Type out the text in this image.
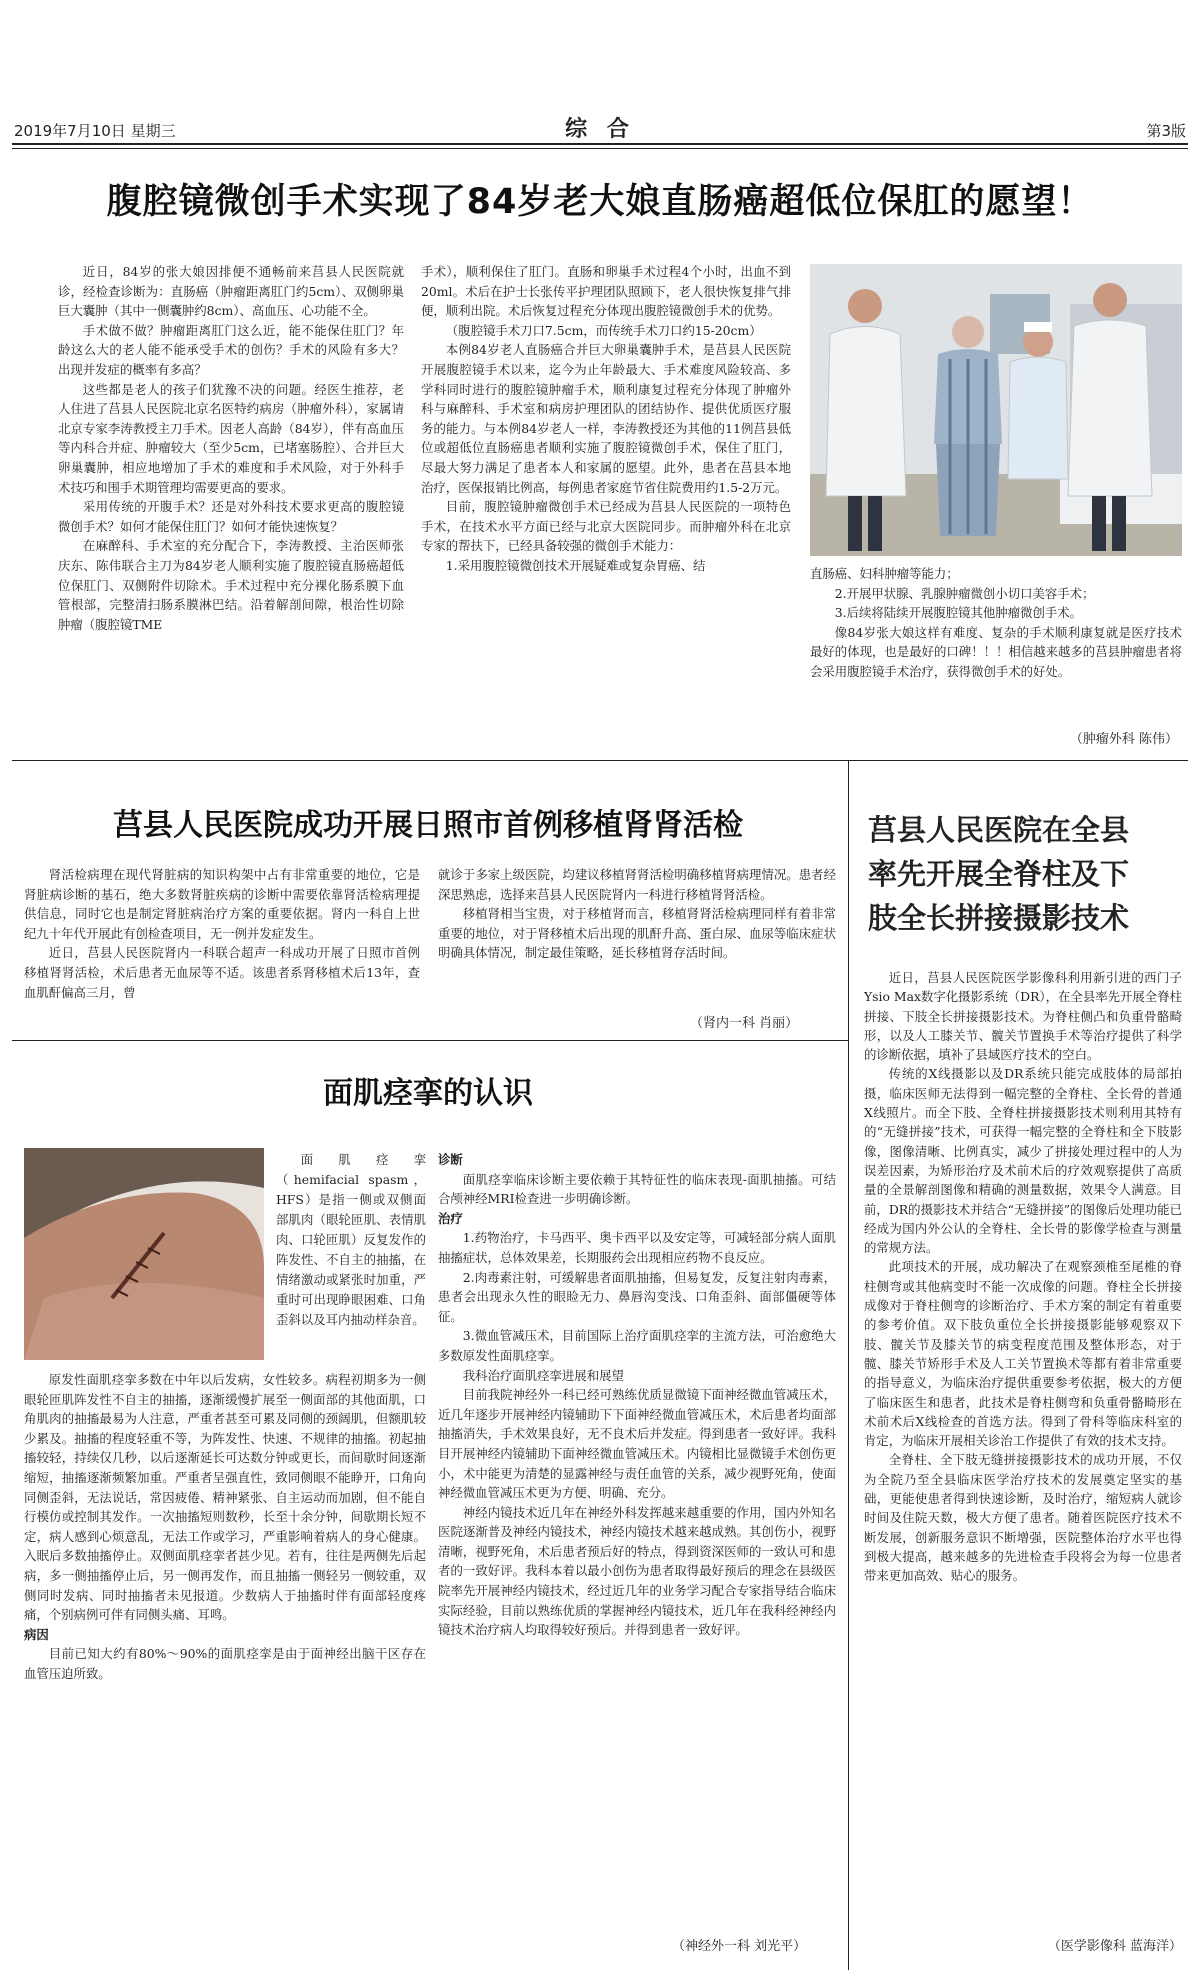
2019年7月10日 星期三	综 合	第3版
腹腔镜微创手术实现了84岁老大娘直肠癌超低位保肛的愿望！

近日，84岁的张大娘因排便不通畅前来莒县人民医院就诊，经检查诊断为：直肠癌（肿瘤距离肛门约5cm）、双侧卵巢巨大囊肿（其中一侧囊肿约8cm）、高血压、心功能不全。

手术做不做？肿瘤距离肛门这么近，能不能保住肛门？年龄这么大的老人能不能承受手术的创伤？手术的风险有多大？出现并发症的概率有多高？

这些都是老人的孩子们犹豫不决的问题。经医生推荐，老人住进了莒县人民医院北京名医特约病房（肿瘤外科），家属请北京专家李涛教授主刀手术。因老人高龄（84岁），伴有高血压等内科合并症、肿瘤较大（至少5cm，已堵塞肠腔）、合并巨大卵巢囊肿，相应地增加了手术的难度和手术风险，对于外科手术技巧和围手术期管理均需要更高的要求。

采用传统的开腹手术？还是对外科技术要求更高的腹腔镜微创手术？如何才能保住肛门？如何才能快速恢复？

在麻醉科、手术室的充分配合下，李涛教授、主治医师张庆东、陈伟联合主刀为84岁老人顺利实施了腹腔镜直肠癌超低位保肛门、双侧附件切除术。手术过程中充分裸化肠系膜下血管根部，完整清扫肠系膜淋巴结。沿着解剖间隙，根治性切除肿瘤（腹腔镜TME

手术），顺利保住了肛门。直肠和卵巢手术过程4个小时，出血不到20ml。术后在护士长张传平护理团队照顾下，老人很快恢复排气排便，顺利出院。术后恢复过程充分体现出腹腔镜微创手术的优势。

（腹腔镜手术刀口7.5cm，而传统手术刀口约15-20cm）

本例84岁老人直肠癌合并巨大卵巢囊肿手术，是莒县人民医院开展腹腔镜手术以来，迄今为止年龄最大、手术难度风险较高、多学科同时进行的腹腔镜肿瘤手术，顺利康复过程充分体现了肿瘤外科与麻醉科、手术室和病房护理团队的团结协作、提供优质医疗服务的能力。与本例84岁老人一样，李涛教授还为其他的11例莒县低位或超低位直肠癌患者顺利实施了腹腔镜微创手术，保住了肛门，尽最大努力满足了患者本人和家属的愿望。此外，患者在莒县本地治疗，医保报销比例高，每例患者家庭节省住院费用约1.5-2万元。

目前，腹腔镜肿瘤微创手术已经成为莒县人民医院的一项特色手术，在技术水平方面已经与北京大医院同步。而肿瘤外科在北京专家的帮扶下，已经具备较强的微创手术能力：

1.采用腹腔镜微创技术开展疑难或复杂胃癌、结

直肠癌、妇科肿瘤等能力；

2.开展甲状腺、乳腺肿瘤微创小切口美容手术；

3.后续将陆续开展腹腔镜其他肿瘤微创手术。

像84岁张大娘这样有难度、复杂的手术顺利康复就是医疗技术最好的体现，也是最好的口碑！！！相信越来越多的莒县肿瘤患者将会采用腹腔镜手术治疗，获得微创手术的好处。

（肿瘤外科 陈伟）
莒县人民医院成功开展日照市首例移植肾肾活检

肾活检病理在现代肾脏病的知识构架中占有非常重要的地位，它是肾脏病诊断的基石，绝大多数肾脏疾病的诊断中需要依靠肾活检病理提供信息，同时它也是制定肾脏病治疗方案的重要依据。肾内一科自上世纪九十年代开展此有创检查项目，无一例并发症发生。

近日，莒县人民医院肾内一科联合超声一科成功开展了日照市首例移植肾肾活检，术后患者无血尿等不适。该患者系肾移植术后13年，查血肌酐偏高三月，曾

就诊于多家上级医院，均建议移植肾肾活检明确移植肾病理情况。患者经深思熟虑，选择来莒县人民医院肾内一科进行移植肾肾活检。

移植肾相当宝贵，对于移植肾而言，移植肾肾活检病理同样有着非常重要的地位，对于肾移植术后出现的肌酐升高、蛋白尿、血尿等临床症状明确具体情况，制定最佳策略，延长移植肾存活时间。

（肾内一科 肖丽）
面肌痉挛的认识

面肌痉挛（hemifacial spasm，HFS）是指一侧或双侧面部肌肉（眼轮匝肌、表情肌肉、口轮匝肌）反复发作的阵发性、不自主的抽搐，在情绪激动或紧张时加重，严重时可出现睁眼困难、口角歪斜以及耳内抽动样杂音。

原发性面肌痉挛多数在中年以后发病，女性较多。病程初期多为一侧眼轮匝肌阵发性不自主的抽搐，逐渐缓慢扩展至一侧面部的其他面肌，口角肌肉的抽搐最易为人注意，严重者甚至可累及同侧的颈阔肌，但额肌较少累及。抽搐的程度轻重不等，为阵发性、快速、不规律的抽搐。初起抽搐较轻，持续仅几秒，以后逐渐延长可达数分钟或更长，而间歇时间逐渐缩短，抽搐逐渐频繁加重。严重者呈强直性，致同侧眼不能睁开，口角向同侧歪斜，无法说话，常因疲倦、精神紧张、自主运动而加剧，但不能自行模仿或控制其发作。一次抽搐短则数秒，长至十余分钟，间歇期长短不定，病人感到心烦意乱，无法工作或学习，严重影响着病人的身心健康。入眠后多数抽搐停止。双侧面肌痉挛者甚少见。若有，往往是两侧先后起病，多一侧抽搐停止后，另一侧再发作，而且抽搐一侧轻另一侧较重，双侧同时发病、同时抽搐者未见报道。少数病人于抽搐时伴有面部轻度疼痛，个别病例可伴有同侧头痛、耳鸣。

病因

目前已知大约有80%～90%的面肌痉挛是由于面神经出脑干区存在血管压迫所致。

诊断

面肌痉挛临床诊断主要依赖于其特征性的临床表现-面肌抽搐。可结合颅神经MRI检查进一步明确诊断。

治疗

1.药物治疗，卡马西平、奥卡西平以及安定等，可减轻部分病人面肌抽搐症状，总体效果差，长期服药会出现相应药物不良反应。

2.肉毒素注射，可缓解患者面肌抽搐，但易复发，反复注射肉毒素，患者会出现永久性的眼睑无力、鼻唇沟变浅、口角歪斜、面部僵硬等体征。

3.微血管减压术，目前国际上治疗面肌痉挛的主流方法，可治愈绝大多数原发性面肌痉挛。

我科治疗面肌痉挛进展和展望

目前我院神经外一科已经可熟练优质显微镜下面神经微血管减压术，近几年逐步开展神经内镜辅助下下面神经微血管减压术，术后患者均面部抽搐消失，手术效果良好，无不良术后并发症。得到患者一致好评。我科目开展神经内镜辅助下面神经微血管减压术。内镜相比显微镜手术创伤更小，术中能更为清楚的显露神经与责任血管的关系，减少视野死角，使面神经微血管减压术更为方便、明确、充分。

神经内镜技术近几年在神经外科发挥越来越重要的作用，国内外知名医院逐渐普及神经内镜技术，神经内镜技术越来越成熟。其创伤小，视野清晰，视野死角，术后患者预后好的特点，得到资深医师的一致认可和患者的一致好评。我科本着以最小创伤为患者取得最好预后的理念在县级医院率先开展神经内镜技术，经过近几年的业务学习配合专家指导结合临床实际经验，目前以熟练优质的掌握神经内镜技术，近几年在我科经神经内镜技术治疗病人均取得较好预后。并得到患者一致好评。

（神经外一科 刘光平）
莒县人民医院在全县
率先开展全脊柱及下
肢全长拼接摄影技术

近日，莒县人民医院医学影像科利用新引进的西门子Ysio Max数字化摄影系统（DR），在全县率先开展全脊柱拼接、下肢全长拼接摄影技术。为脊柱侧凸和负重骨骼畸形，以及人工膝关节、髋关节置换手术等治疗提供了科学的诊断依据，填补了县域医疗技术的空白。

传统的X线摄影以及DR系统只能完成肢体的局部拍摄，临床医师无法得到一幅完整的全脊柱、全长骨的普通X线照片。而全下肢、全脊柱拼接摄影技术则利用其特有的“无缝拼接”技术，可获得一幅完整的全脊柱和全下肢影像，图像清晰、比例真实，减少了拼接处理过程中的人为误差因素，为矫形治疗及术前术后的疗效观察提供了高质量的全景解剖图像和精确的测量数据，效果令人满意。目前，DR的摄影技术并结合“无缝拼接”的图像后处理功能已经成为国内外公认的全脊柱、全长骨的影像学检查与测量的常规方法。

此项技术的开展，成功解决了在观察颈椎至尾椎的脊柱侧弯或其他病变时不能一次成像的问题。脊柱全长拼接成像对于脊柱侧弯的诊断治疗、手术方案的制定有着重要的参考价值。双下肢负重位全长拼接摄影能够观察双下肢、髋关节及膝关节的病变程度范围及整体形态，对于髋、膝关节矫形手术及人工关节置换术等都有着非常重要的指导意义，为临床治疗提供重要参考依据，极大的方便了临床医生和患者，此技术是脊柱侧弯和负重骨骼畸形在术前术后X线检查的首选方法。得到了骨科等临床科室的肯定，为临床开展相关诊治工作提供了有效的技术支持。

全脊柱、全下肢无缝拼接摄影技术的成功开展，不仅为全院乃至全县临床医学治疗技术的发展奠定坚实的基础，更能使患者得到快速诊断，及时治疗，缩短病人就诊时间及住院天数，极大方便了患者。随着医院医疗技术不断发展，创新服务意识不断增强，医院整体治疗水平也得到极大提高，越来越多的先进检查手段将会为每一位患者带来更加高效、贴心的服务。

（医学影像科 蓝海洋）
